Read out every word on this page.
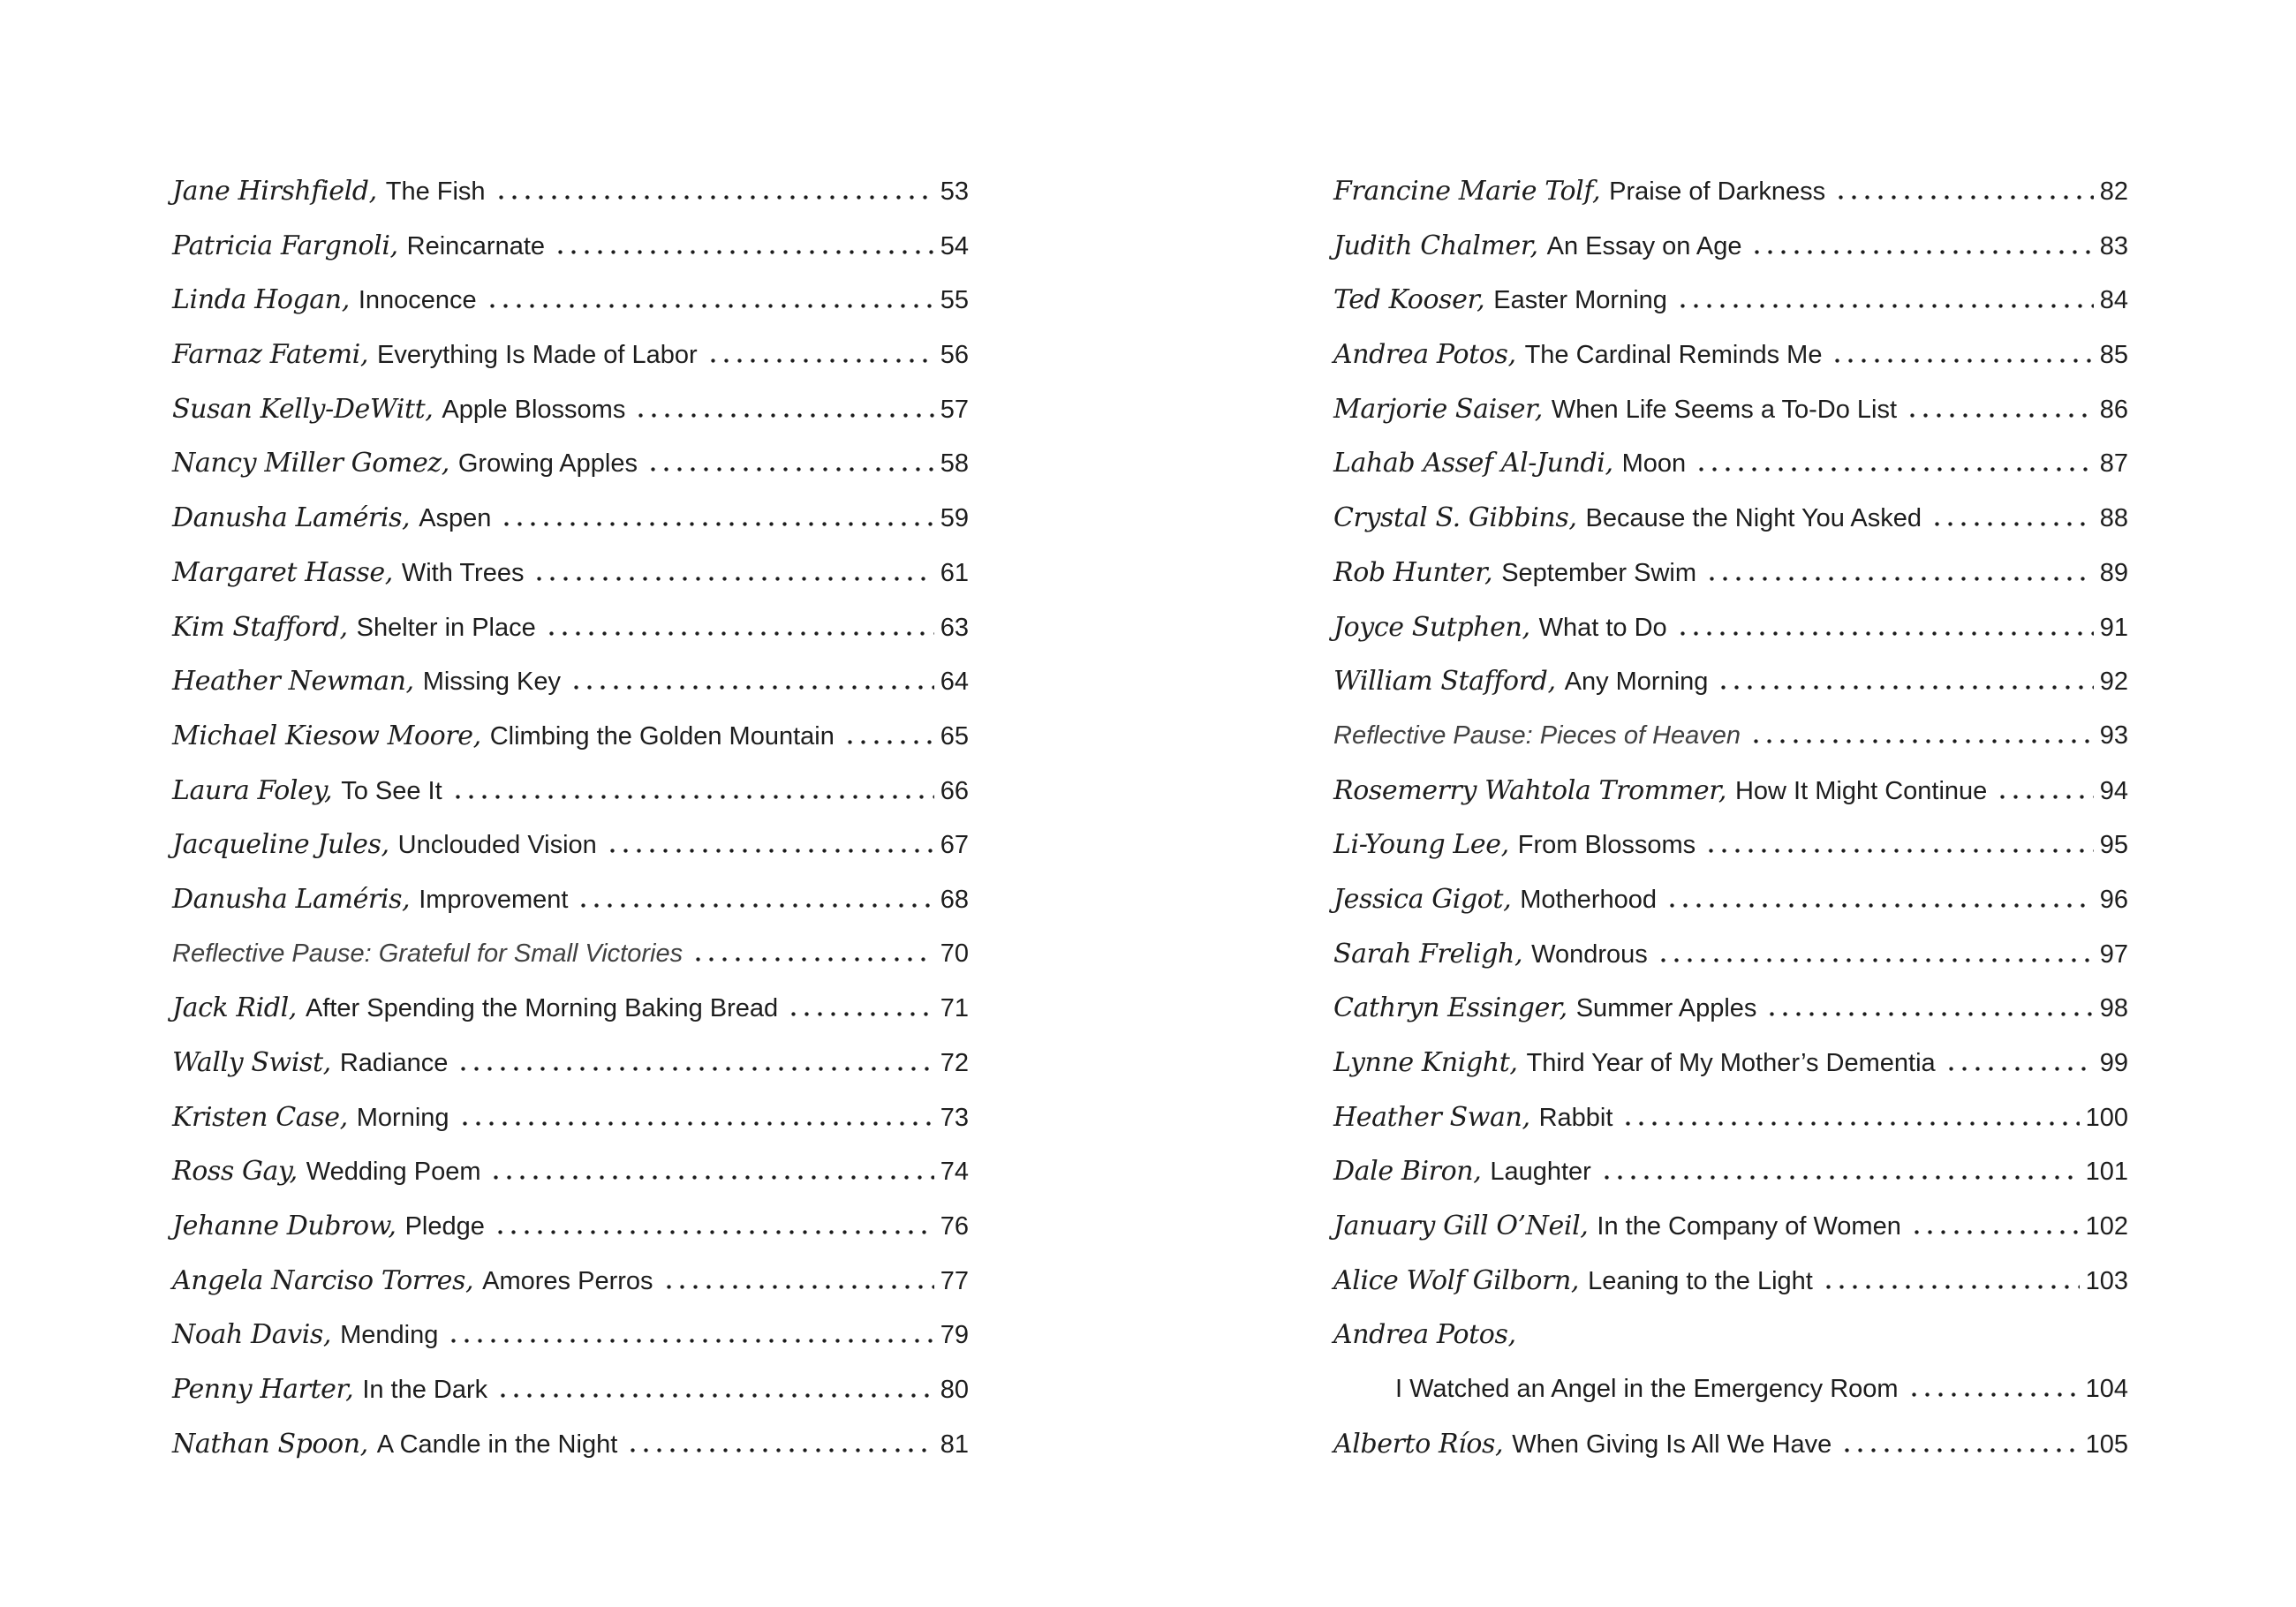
Jane Hirshfield, The Fish	53
Patricia Fargnoli, Reincarnate	54
Linda Hogan, Innocence	55
Farnaz Fatemi, Everything Is Made of Labor	56
Susan Kelly-DeWitt, Apple Blossoms	57
Nancy Miller Gomez, Growing Apples	58
Danusha Laméris, Aspen	59
Margaret Hasse, With Trees	61
Kim Stafford, Shelter in Place	63
Heather Newman, Missing Key	64
Michael Kiesow Moore, Climbing the Golden Mountain	65
Laura Foley, To See It	66
Jacqueline Jules, Unclouded Vision	67
Danusha Laméris, Improvement	68
Reflective Pause: Grateful for Small Victories	70
Jack Ridl, After Spending the Morning Baking Bread	71
Wally Swist, Radiance	72
Kristen Case, Morning	73
Ross Gay, Wedding Poem	74
Jehanne Dubrow, Pledge	76
Angela Narciso Torres, Amores Perros	77
Noah Davis, Mending	79
Penny Harter, In the Dark	80
Nathan Spoon, A Candle in the Night	81
Francine Marie Tolf, Praise of Darkness	82
Judith Chalmer, An Essay on Age	83
Ted Kooser, Easter Morning	84
Andrea Potos, The Cardinal Reminds Me	85
Marjorie Saiser, When Life Seems a To-Do List	86
Lahab Assef Al-Jundi, Moon	87
Crystal S. Gibbins, Because the Night You Asked	88
Rob Hunter, September Swim	89
Joyce Sutphen, What to Do	91
William Stafford, Any Morning	92
Reflective Pause: Pieces of Heaven	93
Rosemerry Wahtola Trommer, How It Might Continue	94
Li-Young Lee, From Blossoms	95
Jessica Gigot, Motherhood	96
Sarah Freligh, Wondrous	97
Cathryn Essinger, Summer Apples	98
Lynne Knight, Third Year of My Mother’s Dementia	99
Heather Swan, Rabbit	100
Dale Biron, Laughter	101
January Gill O’Neil, In the Company of Women	102
Alice Wolf Gilborn, Leaning to the Light	103
Andrea Potos,
I Watched an Angel in the Emergency Room	104
Alberto Ríos, When Giving Is All We Have	105
